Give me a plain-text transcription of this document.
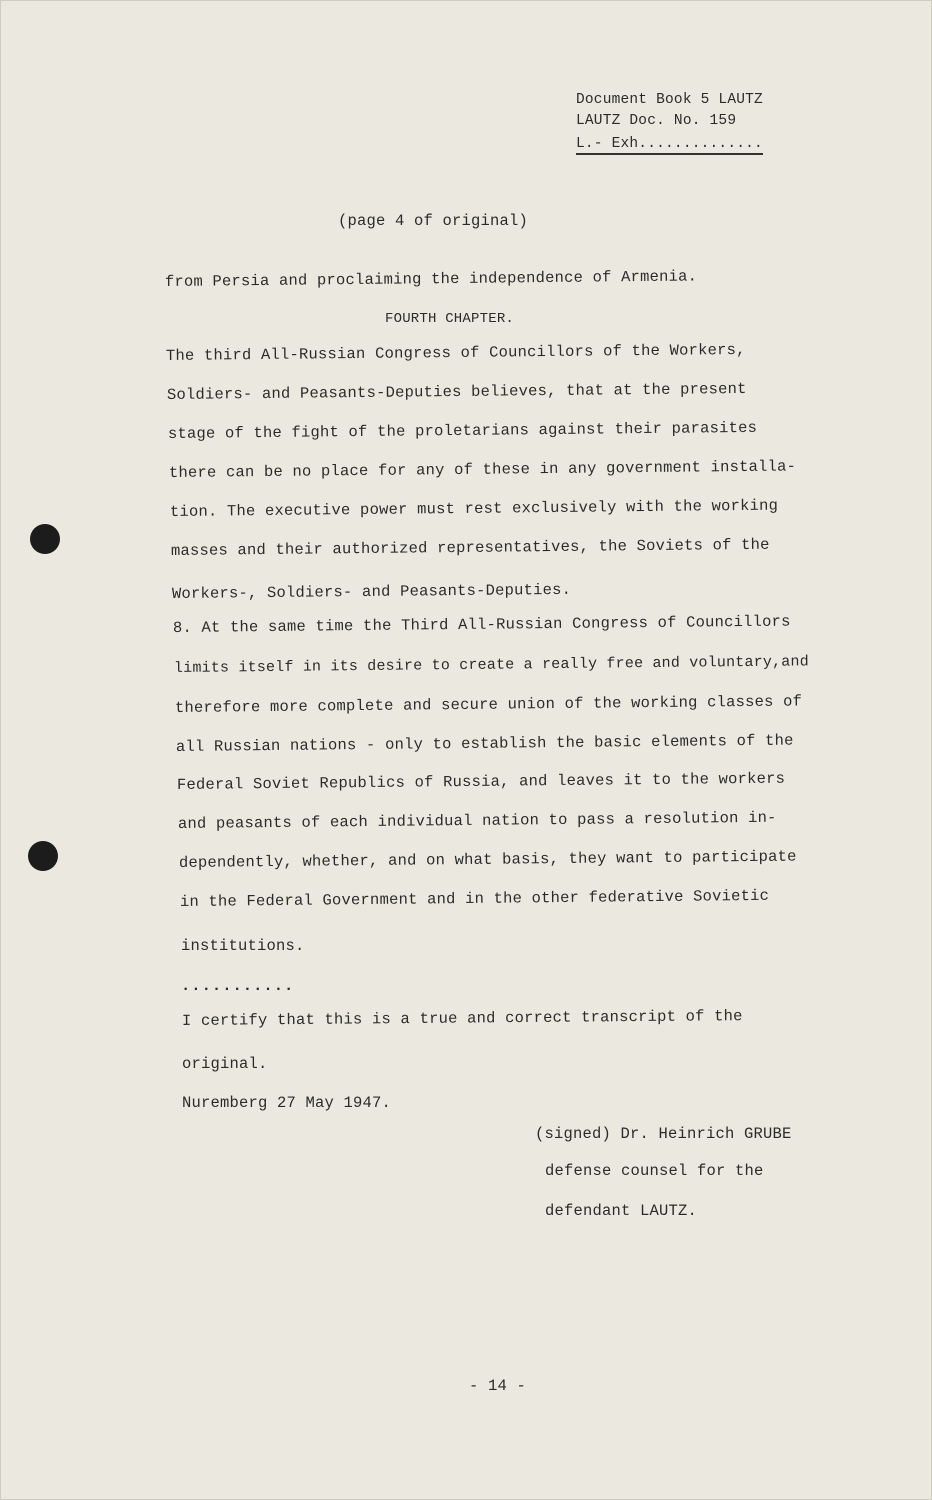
Document Book 5 LAUTZ
LAUTZ Doc. No. 159
L.- Exh..............
(page 4 of original)
from Persia and proclaiming the independence of Armenia.
FOURTH CHAPTER.
The third All-Russian Congress of Councillors of the Workers,
Soldiers- and Peasants-Deputies believes, that at the present
stage of the fight of the proletarians against their parasites
there can be no place for any of these in any government installa-
tion. The executive power must rest exclusively with the working
masses and their authorized representatives, the Soviets of the
Workers-, Soldiers- and Peasants-Deputies.
8. At the same time the Third All-Russian Congress of Councillors
limits itself in its desire to create a really free and voluntary,and
therefore more complete and secure union of the working classes of
all Russian nations - only to establish the basic elements of the
Federal Soviet Republics of Russia, and leaves it to the workers
and peasants of each individual nation to pass a resolution in-
dependently, whether, and on what basis, they want to participate
in the Federal Government and in the other federative Sovietic
institutions.
...........
I certify that this is a true and correct transcript of the
original.
Nuremberg 27 May 1947.
(signed) Dr. Heinrich GRUBE
defense counsel for the
defendant LAUTZ.
- 14 -
